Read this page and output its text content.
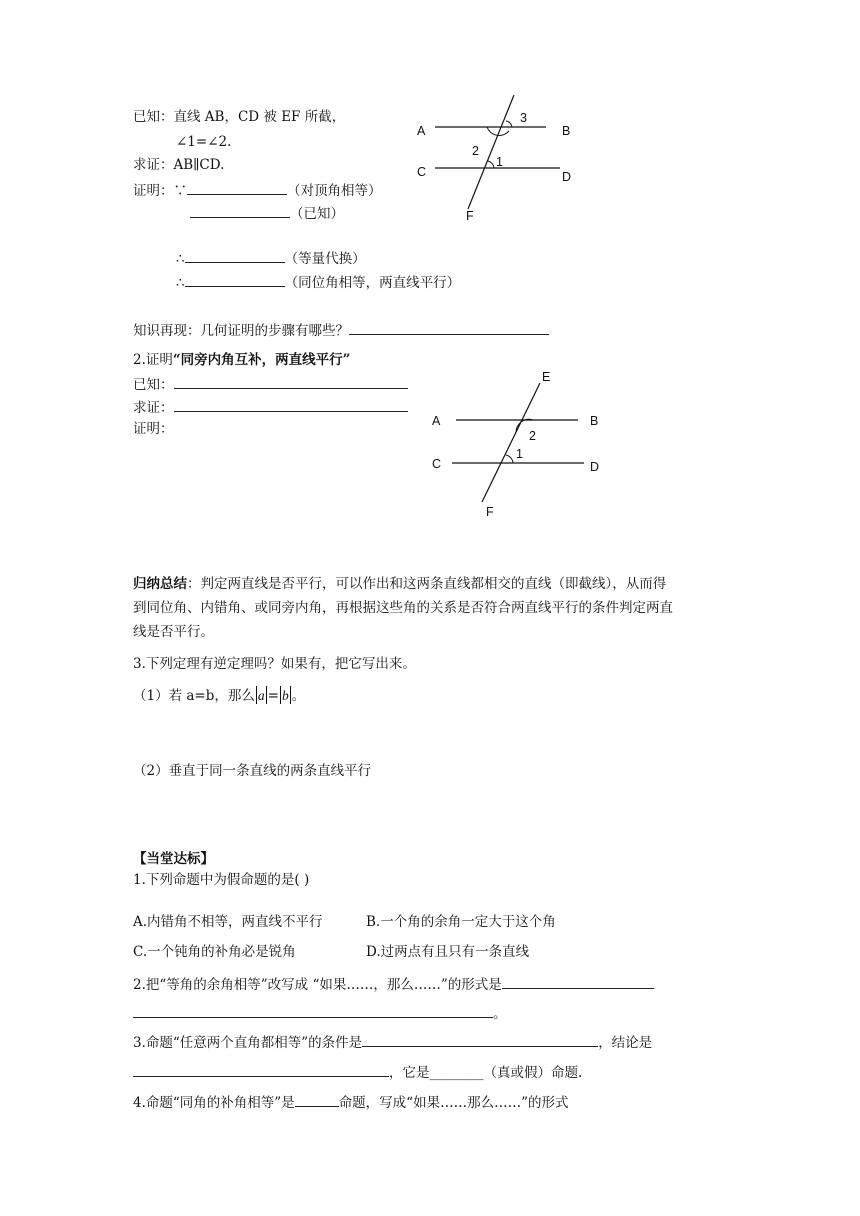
已知：直线 AB，CD 被 EF 所截，
∠1=∠2.
求证：AB∥CD.
证明：∵	（对顶角相等）
（已知）
∴	（等量代换）
∴	（同位角相等，两直线平行）
A	B
C	D
F
3
2
1
知识再现：几何证明的步骤有哪些？
2.证明“同旁内角互补，两直线平行”
已知：
求证：
证明：	A	B
C	D
E
F
2
1
归纳总结：判定两直线是否平行，可以作出和这两条直线都相交的直线（即截线），从而得
到同位角、内错角、或同旁内角，再根据这些角的关系是否符合两直线平行的条件判定两直
线是否平行。
3.下列定理有逆定理吗？如果有，把它写出来。
（1）若 a=b，那么 a = b 。
（2）垂直于同一条直线的两条直线平行
【当堂达标】
1.下列命题中为假命题的是( )
A.内错角不相等，两直线不平行	B.一个角的余角一定大于这个角
C.一个钝角的补角必是锐角	D.过两点有且只有一条直线
2.把“等角的余角相等”改写成 “如果……，那么……”的形式是
。
3.命题“任意两个直角都相等”的条件是	，结论是
，它是________（真或假）命题.
4.命题“同角的补角相等”是	命题，写成“如果……那么……”的形式
